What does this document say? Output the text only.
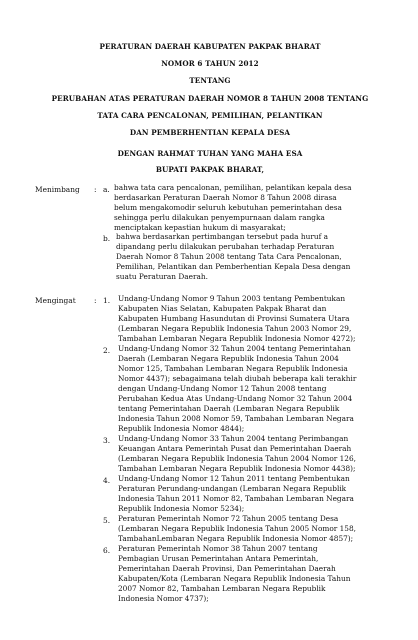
PERATURAN DAERAH KABUPATEN PAKPAK BHARAT
NOMOR 6 TAHUN 2012
TENTANG
PERUBAHAN ATAS PERATURAN DAERAH NOMOR 8 TAHUN 2008 TENTANG
TATA CARA PENCALONAN, PEMILIHAN, PELANTIKAN
DAN PEMBERHENTIAN KEPALA DESA
DENGAN RAHMAT TUHAN YANG MAHA ESA
BUPATI PAKPAK BHARAT,
Menimbang : a. bahwa tata cara pencalonan, pemilihan, pelantikan kepala desa
berdasarkan Peraturan Daerah Nomor 8 Tahun 2008 dirasa
belum mengakomodir seluruh kebutuhan pemerintahan desa
sehingga perlu dilakukan penyempurnaan dalam rangka
menciptakan kepastian hukum di masyarakat;
b. bahwa berdasarkan pertimbangan tersebut pada huruf a
dipandang perlu dilakukan perubahan terhadap Peraturan
Daerah Nomor 8 Tahun 2008 tentang Tata Cara Pencalonan,
Pemilihan, Pelantikan dan Pemberhentian Kepala Desa dengan
suatu Peraturan Daerah.
Mengingat : 1. Undang-Undang Nomor 9 Tahun 2003 tentang Pembentukan
Kabupaten Nias Selatan, Kabupaten Pakpak Bharat dan
Kabupaten Humbang Hasundutan di Provinsi Sumatera Utara
(Lembaran Negara Republik Indonesia Tahun 2003 Nomor 29,
Tambahan Lembaran Negara Republik Indonesia Nomor 4272);
2. Undang-Undang Nomor 32 Tahun 2004 tentang Pemerintahan
Daerah (Lembaran Negara Republik Indonesia Tahun 2004
Nomor 125, Tambahan Lembaran Negara Republik Indonesia
Nomor 4437); sebagaimana telah diubah beberapa kali terakhir
dengan Undang-Undang Nomor 12 Tahun 2008 tentang
Perubahan Kedua Atas Undang-Undang Nomor 32 Tahun 2004
tentang Pemerintahan Daerah (Lembaran Negara Republik
Indonesia Tahun 2008 Nomor 59, Tambahan Lembaran Negara
Republik Indonesia Nomor 4844);
3. Undang-Undang Nomor 33 Tahun 2004 tentang Perimbangan
Keuangan Antara Pemerintah Pusat dan Pemerintahan Daerah
(Lembaran Negara Republik Indonesia Tahun 2004 Nomor 126,
Tambahan Lembaran Negara Republik Indonesia Nomor 4438);
4. Undang-Undang Nomor 12 Tahun 2011 tentang Pembentukan
Peraturan Perundang-undangan (Lembaran Negara Republik
Indonesia Tahun 2011 Nomor 82, Tambahan Lembaran Negara
Republik Indonesia Nomor 5234);
5. Peraturan Pemerintah Nomor 72 Tahun 2005 tentang Desa
(Lembaran Negara Republik Indonesia Tahun 2005 Nomor 158,
TambahanLembaran Negara Republik Indonesia Nomor 4857);
6. Peraturan Pemerintah Nomor 38 Tahun 2007 tentang
Pembagian Urusan Pemerintahan Antara Pemerintah,
Pemerintahan Daerah Provinsi, Dan Pemerintahan Daerah
Kabupaten/Kota (Lembaran Negara Republik Indonesia Tahun
2007 Nomor 82, Tambahan Lembaran Negara Republik
Indonesia Nomor 4737);
